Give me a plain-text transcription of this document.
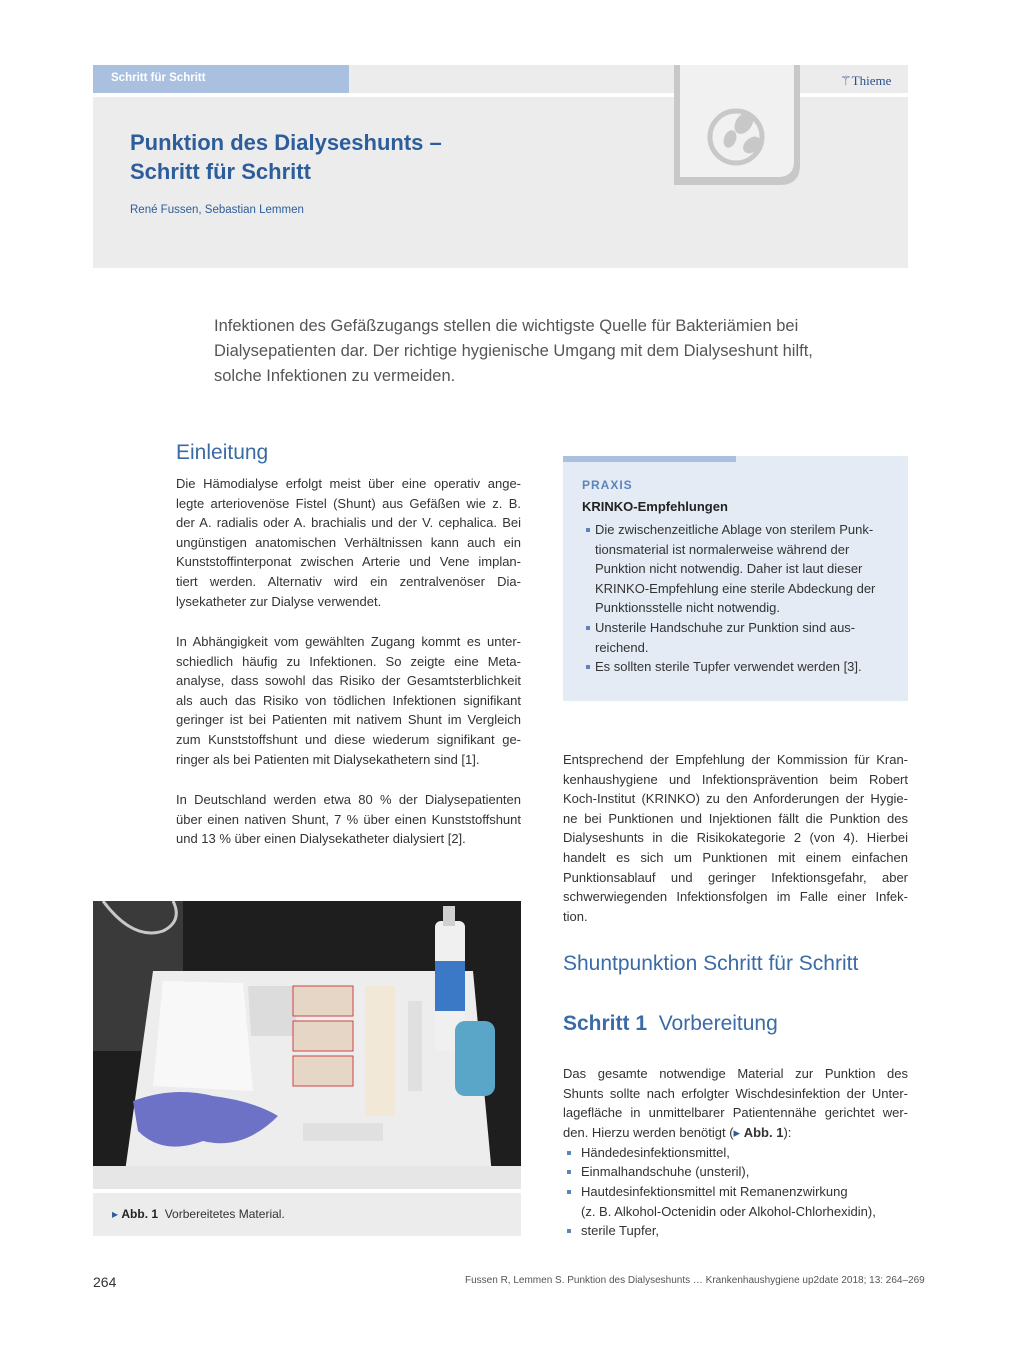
Schritt für Schritt	⚚Thieme
Punktion des Dialyseshunts –
Schritt für Schritt
René Fussen, Sebastian Lemmen
Infektionen des Gefäßzugangs stellen die wichtigste Quelle für Bakteriämien bei
Dialysepatienten dar. Der richtige hygienische Umgang mit dem Dialyseshunt hilft,
solche Infektionen zu vermeiden.
Einleitung
Die Hämodialyse erfolgt meist über eine operativ ange-
legte arteriovenöse Fistel (Shunt) aus Gefäßen wie z. B.
der A. radialis oder A. brachialis und der V. cephalica. Bei
ungünstigen anatomischen Verhältnissen kann auch ein
Kunststoffinterponat zwischen Arterie und Vene implan-
tiert werden. Alternativ wird ein zentralvenöser Dia-
lysekatheter zur Dialyse verwendet.
In Abhängigkeit vom gewählten Zugang kommt es unter-
schiedlich häufig zu Infektionen. So zeigte eine Meta-
analyse, dass sowohl das Risiko der Gesamtsterblichkeit
als auch das Risiko von tödlichen Infektionen signifikant
geringer ist bei Patienten mit nativem Shunt im Vergleich
zum Kunststoffshunt und diese wiederum signifikant ge-
ringer als bei Patienten mit Dialysekathetern sind [1].
In Deutschland werden etwa 80 % der Dialysepatienten
über einen nativen Shunt, 7 % über einen Kunststoffshunt
und 13 % über einen Dialysekatheter dialysiert [2].
▸ Abb. 1 Vorbereitetes Material.
PRAXIS
KRINKO-Empfehlungen
Die zwischenzeitliche Ablage von sterilem Punk-
tionsmaterial ist normalerweise während der
Punktion nicht notwendig. Daher ist laut dieser
KRINKO-Empfehlung eine sterile Abdeckung der
Punktionsstelle nicht notwendig.
Unsterile Handschuhe zur Punktion sind aus-
reichend.
Es sollten sterile Tupfer verwendet werden [3].
Entsprechend der Empfehlung der Kommission für Kran-
kenhaushygiene und Infektionsprävention beim Robert
Koch-Institut (KRINKO) zu den Anforderungen der Hygie-
ne bei Punktionen und Injektionen fällt die Punktion des
Dialyseshunts in die Risikokategorie 2 (von 4). Hierbei
handelt es sich um Punktionen mit einem einfachen
Punktionsablauf und geringer Infektionsgefahr, aber
schwerwiegenden Infektionsfolgen im Falle einer Infek-
tion.
Shuntpunktion Schritt für Schritt
Schritt 1 Vorbereitung
Das gesamte notwendige Material zur Punktion des
Shunts sollte nach erfolgter Wischdesinfektion der Unter-
lagefläche in unmittelbarer Patientennähe gerichtet wer-
den. Hierzu werden benötigt (▸ Abb. 1):
Händedesinfektionsmittel,
Einmalhandschuhe (unsteril),
Hautdesinfektionsmittel mit Remanenzwirkung
(z. B. Alkohol-Octenidin oder Alkohol-Chlorhexidin),
sterile Tupfer,
264	Fussen R, Lemmen S. Punktion des Dialyseshunts … Krankenhaushygiene up2date 2018; 13: 264–269
